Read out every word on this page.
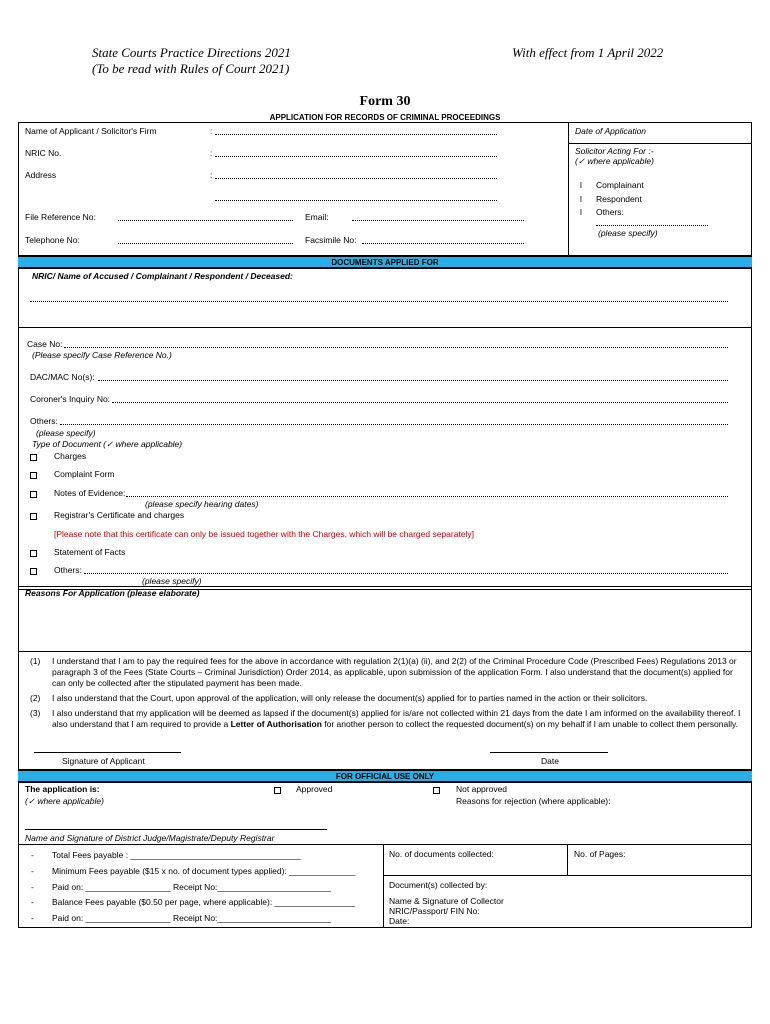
State Courts Practice Directions 2021
(To be read with Rules of Court 2021)
With effect from 1 April 2022
Form 30
APPLICATION FOR RECORDS OF CRIMINAL PROCEEDINGS
Name of Applicant / Solicitor's Firm	:
NRIC No.	:
Address	:
File Reference No:	Email:
Telephone No:	Facsimile No:
Date of Application
Solicitor Acting For :-
(✓ where applicable)
l Complainant
l Respondent
l Others:
(please specify)
DOCUMENTS APPLIED FOR
NRIC/ Name of Accused / Complainant / Respondent / Deceased:
Case No:
(Please specify Case Reference No.)
DAC/MAC No(s):
Coroner's Inquiry No:
Others:
(please specify)
Type of Document (✓ where applicable)
Charges
Complaint Form
Notes of Evidence:
(please specify hearing dates)
Registrar's Certificate and charges
[Please note that this certificate can only be issued together with the Charges, which will be charged separately]
Statement of Facts
Others:
(please specify)
Reasons For Application (please elaborate)
(1) I understand that I am to pay the required fees for the above in accordance with regulation 2(1)(a) (ii), and 2(2) of the Criminal Procedure Code (Prescribed Fees) Regulations 2013 or
paragraph 3 of the Fees (State Courts – Criminal Jurisdiction) Order 2014, as applicable, upon submission of the application Form. I also understand that the document(s) applied for
can only be collected after the stipulated payment has been made.
(2) I also understand that the Court, upon approval of the application, will only release the document(s) applied for to parties named in the action or their solicitors.
(3) I also understand that my application will be deemed as lapsed if the document(s) applied for is/are not collected within 21 days from the date I am informed on the availability thereof. I
also understand that I am required to provide a Letter of Authorisation for another person to collect the requested document(s) on my behalf if I am unable to collect them personally.
Signature of Applicant	Date
FOR OFFICIAL USE ONLY
The application is:
(✓ where applicable)
Approved	Not approved
Reasons for rejection (where applicable):
Name and Signature of District Judge/Magistrate/Deputy Registrar
- Total Fees payable : ____________________________________
- Minimum Fees payable ($15 x no. of document types applied): ______________
- Paid on: __________________ Receipt No:________________________
- Balance Fees payable ($0.50 per page, where applicable): _________________
- Paid on: __________________ Receipt No:________________________
No. of documents collected:	No. of Pages:
Document(s) collected by:
Name & Signature of Collector
NRIC/Passport/ FIN No:
Date:
